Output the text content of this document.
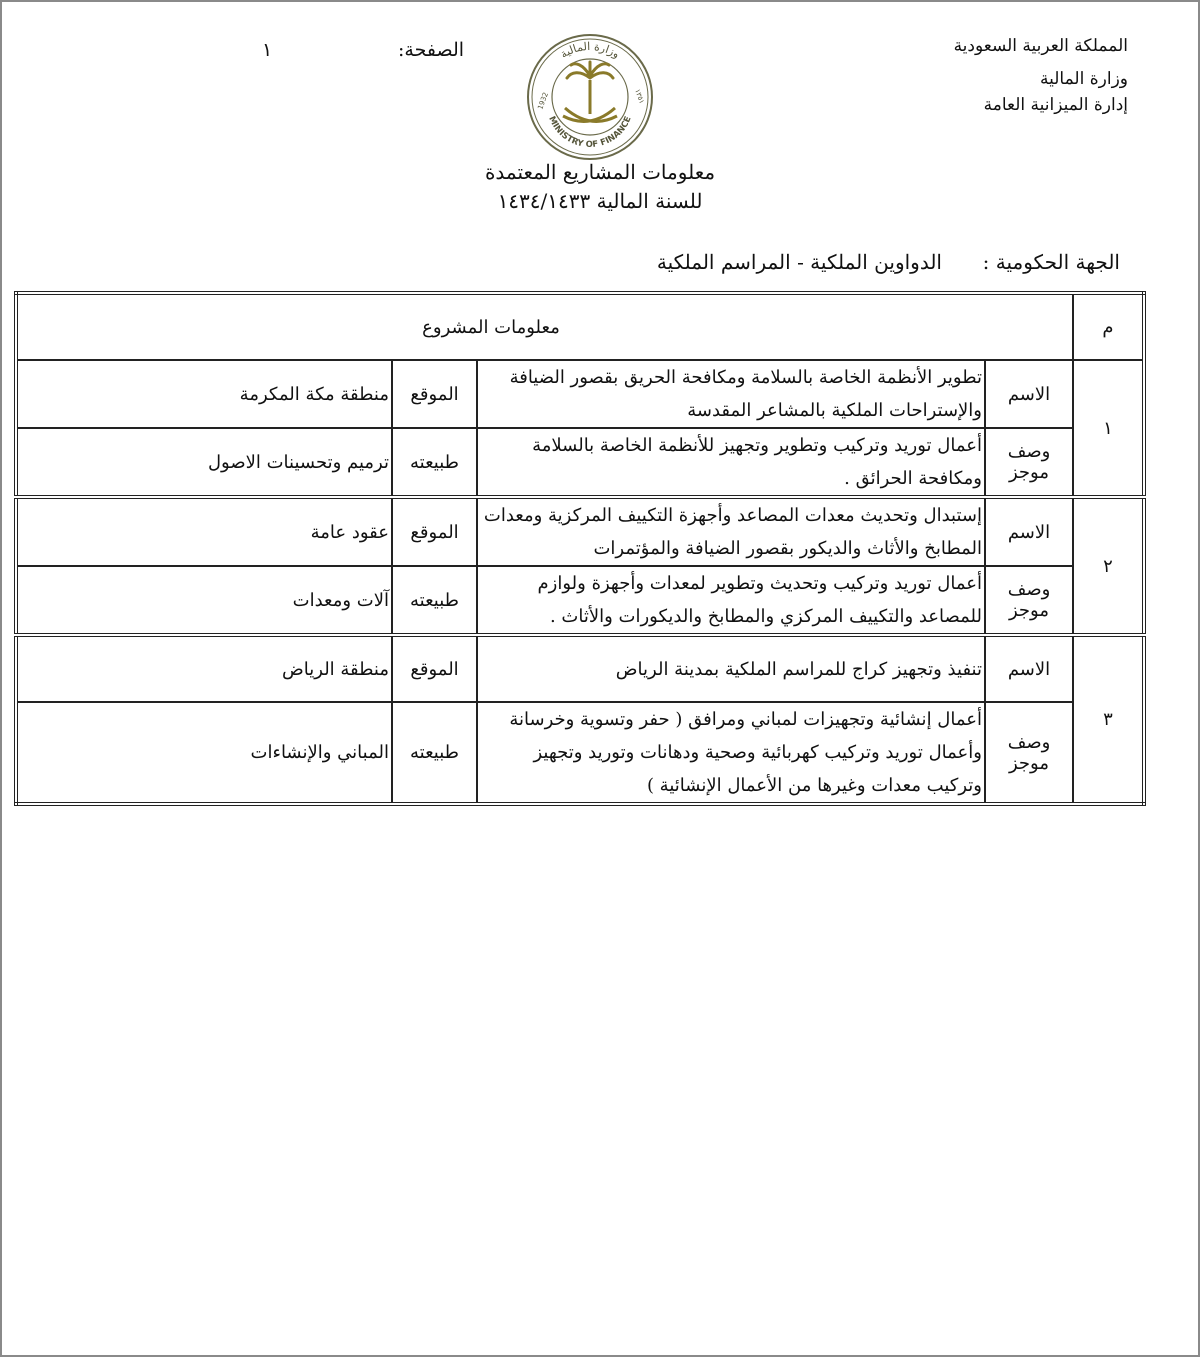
المملكة العربية السعودية
وزارة المالية
إدارة الميزانية العامة
الصفحة:
١	وزارة المالية
MINISTRY OF FINANCE
1932	١٣٥١
معلومات المشاريع المعتمدة
للسنة المالية ١٤٣٤/١٤٣٣
الجهة الحكومية :
الدواوين الملكية - المراسم الملكية
م	معلومات المشروع			
١	الاسم	تطوير الأنظمة الخاصة بالسلامة ومكافحة الحريق بقصور الضيافة والإستراحات الملكية بالمشاعر المقدسة	الموقع	منطقة مكة المكرمة
	وصف موجز	أعمال توريد وتركيب وتطوير وتجهيز للأنظمة الخاصة بالسلامة ومكافحة الحرائق .	طبيعته	ترميم وتحسينات الاصول
٢	الاسم	إستبدال وتحديث معدات المصاعد وأجهزة التكييف المركزية ومعدات المطابخ والأثاث والديكور بقصور الضيافة والمؤتمرات	الموقع	عقود عامة
	وصف موجز	أعمال توريد وتركيب وتحديث وتطوير لمعدات وأجهزة ولوازم للمصاعد والتكييف المركزي والمطابخ والديكورات والأثاث .	طبيعته	آلات ومعدات
٣	الاسم	تنفيذ وتجهيز كراج للمراسم الملكية بمدينة الرياض	الموقع	منطقة الرياض
	وصف موجز	أعمال إنشائية وتجهيزات لمباني ومرافق ( حفر وتسوية وخرسانة وأعمال توريد وتركيب كهربائية وصحية ودهانات وتوريد وتجهيز وتركيب معدات وغيرها من الأعمال الإنشائية )	طبيعته	المباني والإنشاءات
